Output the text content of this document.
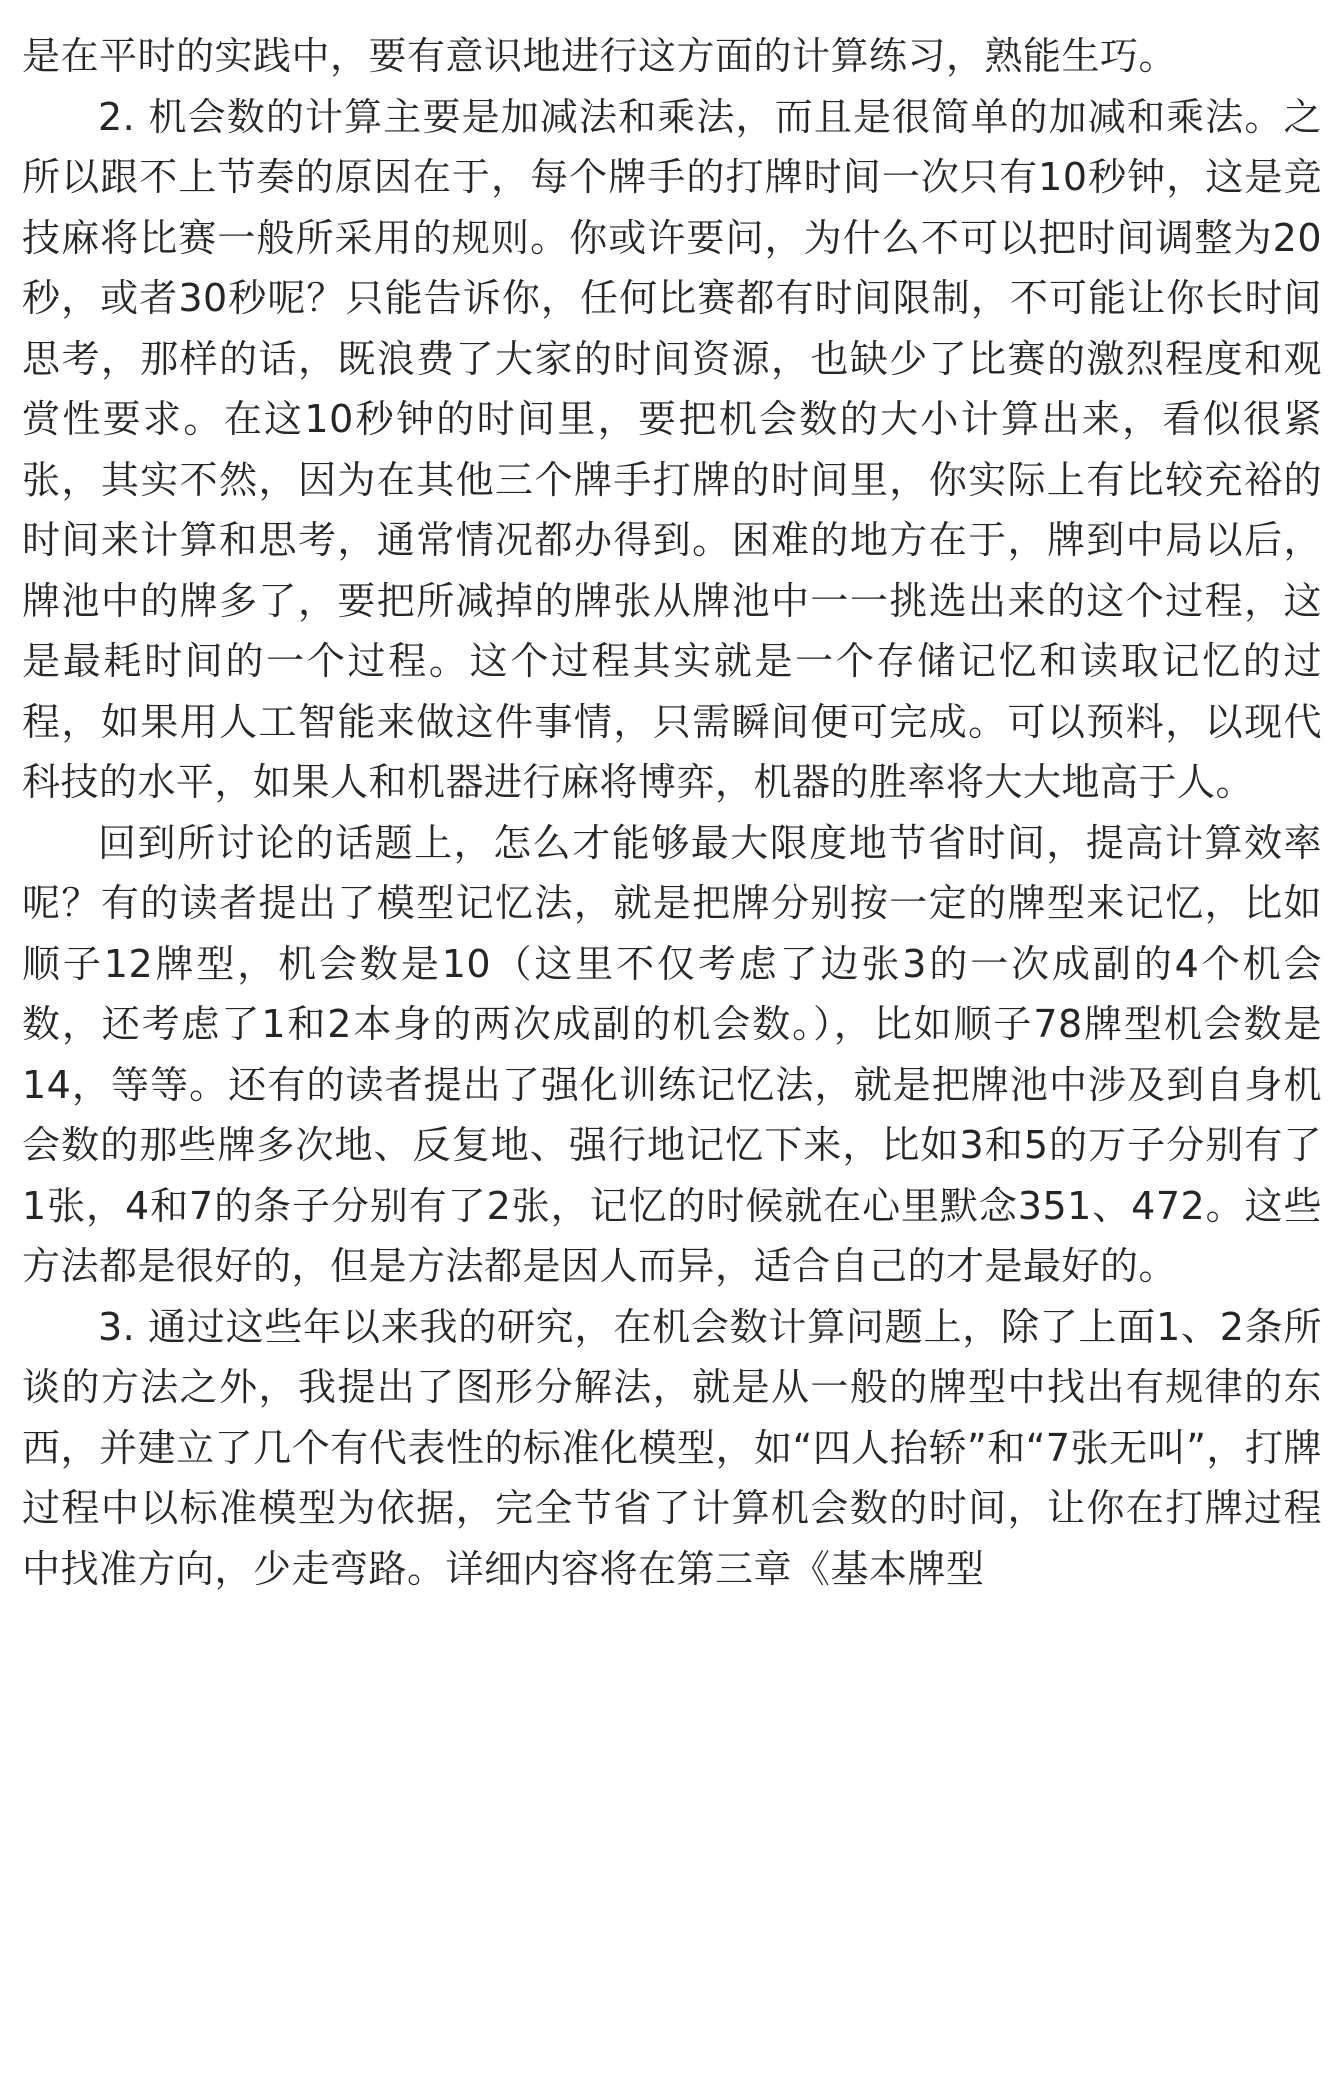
是在平时的实践中，要有意识地进行这方面的计算练习，熟能生巧。

2. 机会数的计算主要是加减法和乘法，而且是很简单的加减和乘法。之所以跟不上节奏的原因在于，每个牌手的打牌时间一次只有10秒钟，这是竞技麻将比赛一般所采用的规则。你或许要问，为什么不可以把时间调整为20秒，或者30秒呢？只能告诉你，任何比赛都有时间限制，不可能让你长时间思考，那样的话，既浪费了大家的时间资源，也缺少了比赛的激烈程度和观赏性要求。在这10秒钟的时间里，要把机会数的大小计算出来，看似很紧张，其实不然，因为在其他三个牌手打牌的时间里，你实际上有比较充裕的时间来计算和思考，通常情况都办得到。困难的地方在于，牌到中局以后，牌池中的牌多了，要把所减掉的牌张从牌池中一一挑选出来的这个过程，这是最耗时间的一个过程。这个过程其实就是一个存储记忆和读取记忆的过程，如果用人工智能来做这件事情，只需瞬间便可完成。可以预料，以现代科技的水平，如果人和机器进行麻将博弈，机器的胜率将大大地高于人。

回到所讨论的话题上，怎么才能够最大限度地节省时间，提高计算效率呢？有的读者提出了模型记忆法，就是把牌分别按一定的牌型来记忆，比如顺子12牌型，机会数是10（这里不仅考虑了边张3的一次成副的4个机会数，还考虑了1和2本身的两次成副的机会数。），比如顺子78牌型机会数是14，等等。还有的读者提出了强化训练记忆法，就是把牌池中涉及到自身机会数的那些牌多次地、反复地、强行地记忆下来，比如3和5的万子分别有了1张，4和7的条子分别有了2张，记忆的时候就在心里默念351、472。这些方法都是很好的，但是方法都是因人而异，适合自己的才是最好的。

3. 通过这些年以来我的研究，在机会数计算问题上，除了上面1、2条所谈的方法之外，我提出了图形分解法，就是从一般的牌型中找出有规律的东西，并建立了几个有代表性的标准化模型，如“四人抬轿”和“7张无叫”，打牌过程中以标准模型为依据，完全节省了计算机会数的时间，让你在打牌过程中找准方向，少走弯路。详细内容将在第三章《基本牌型
